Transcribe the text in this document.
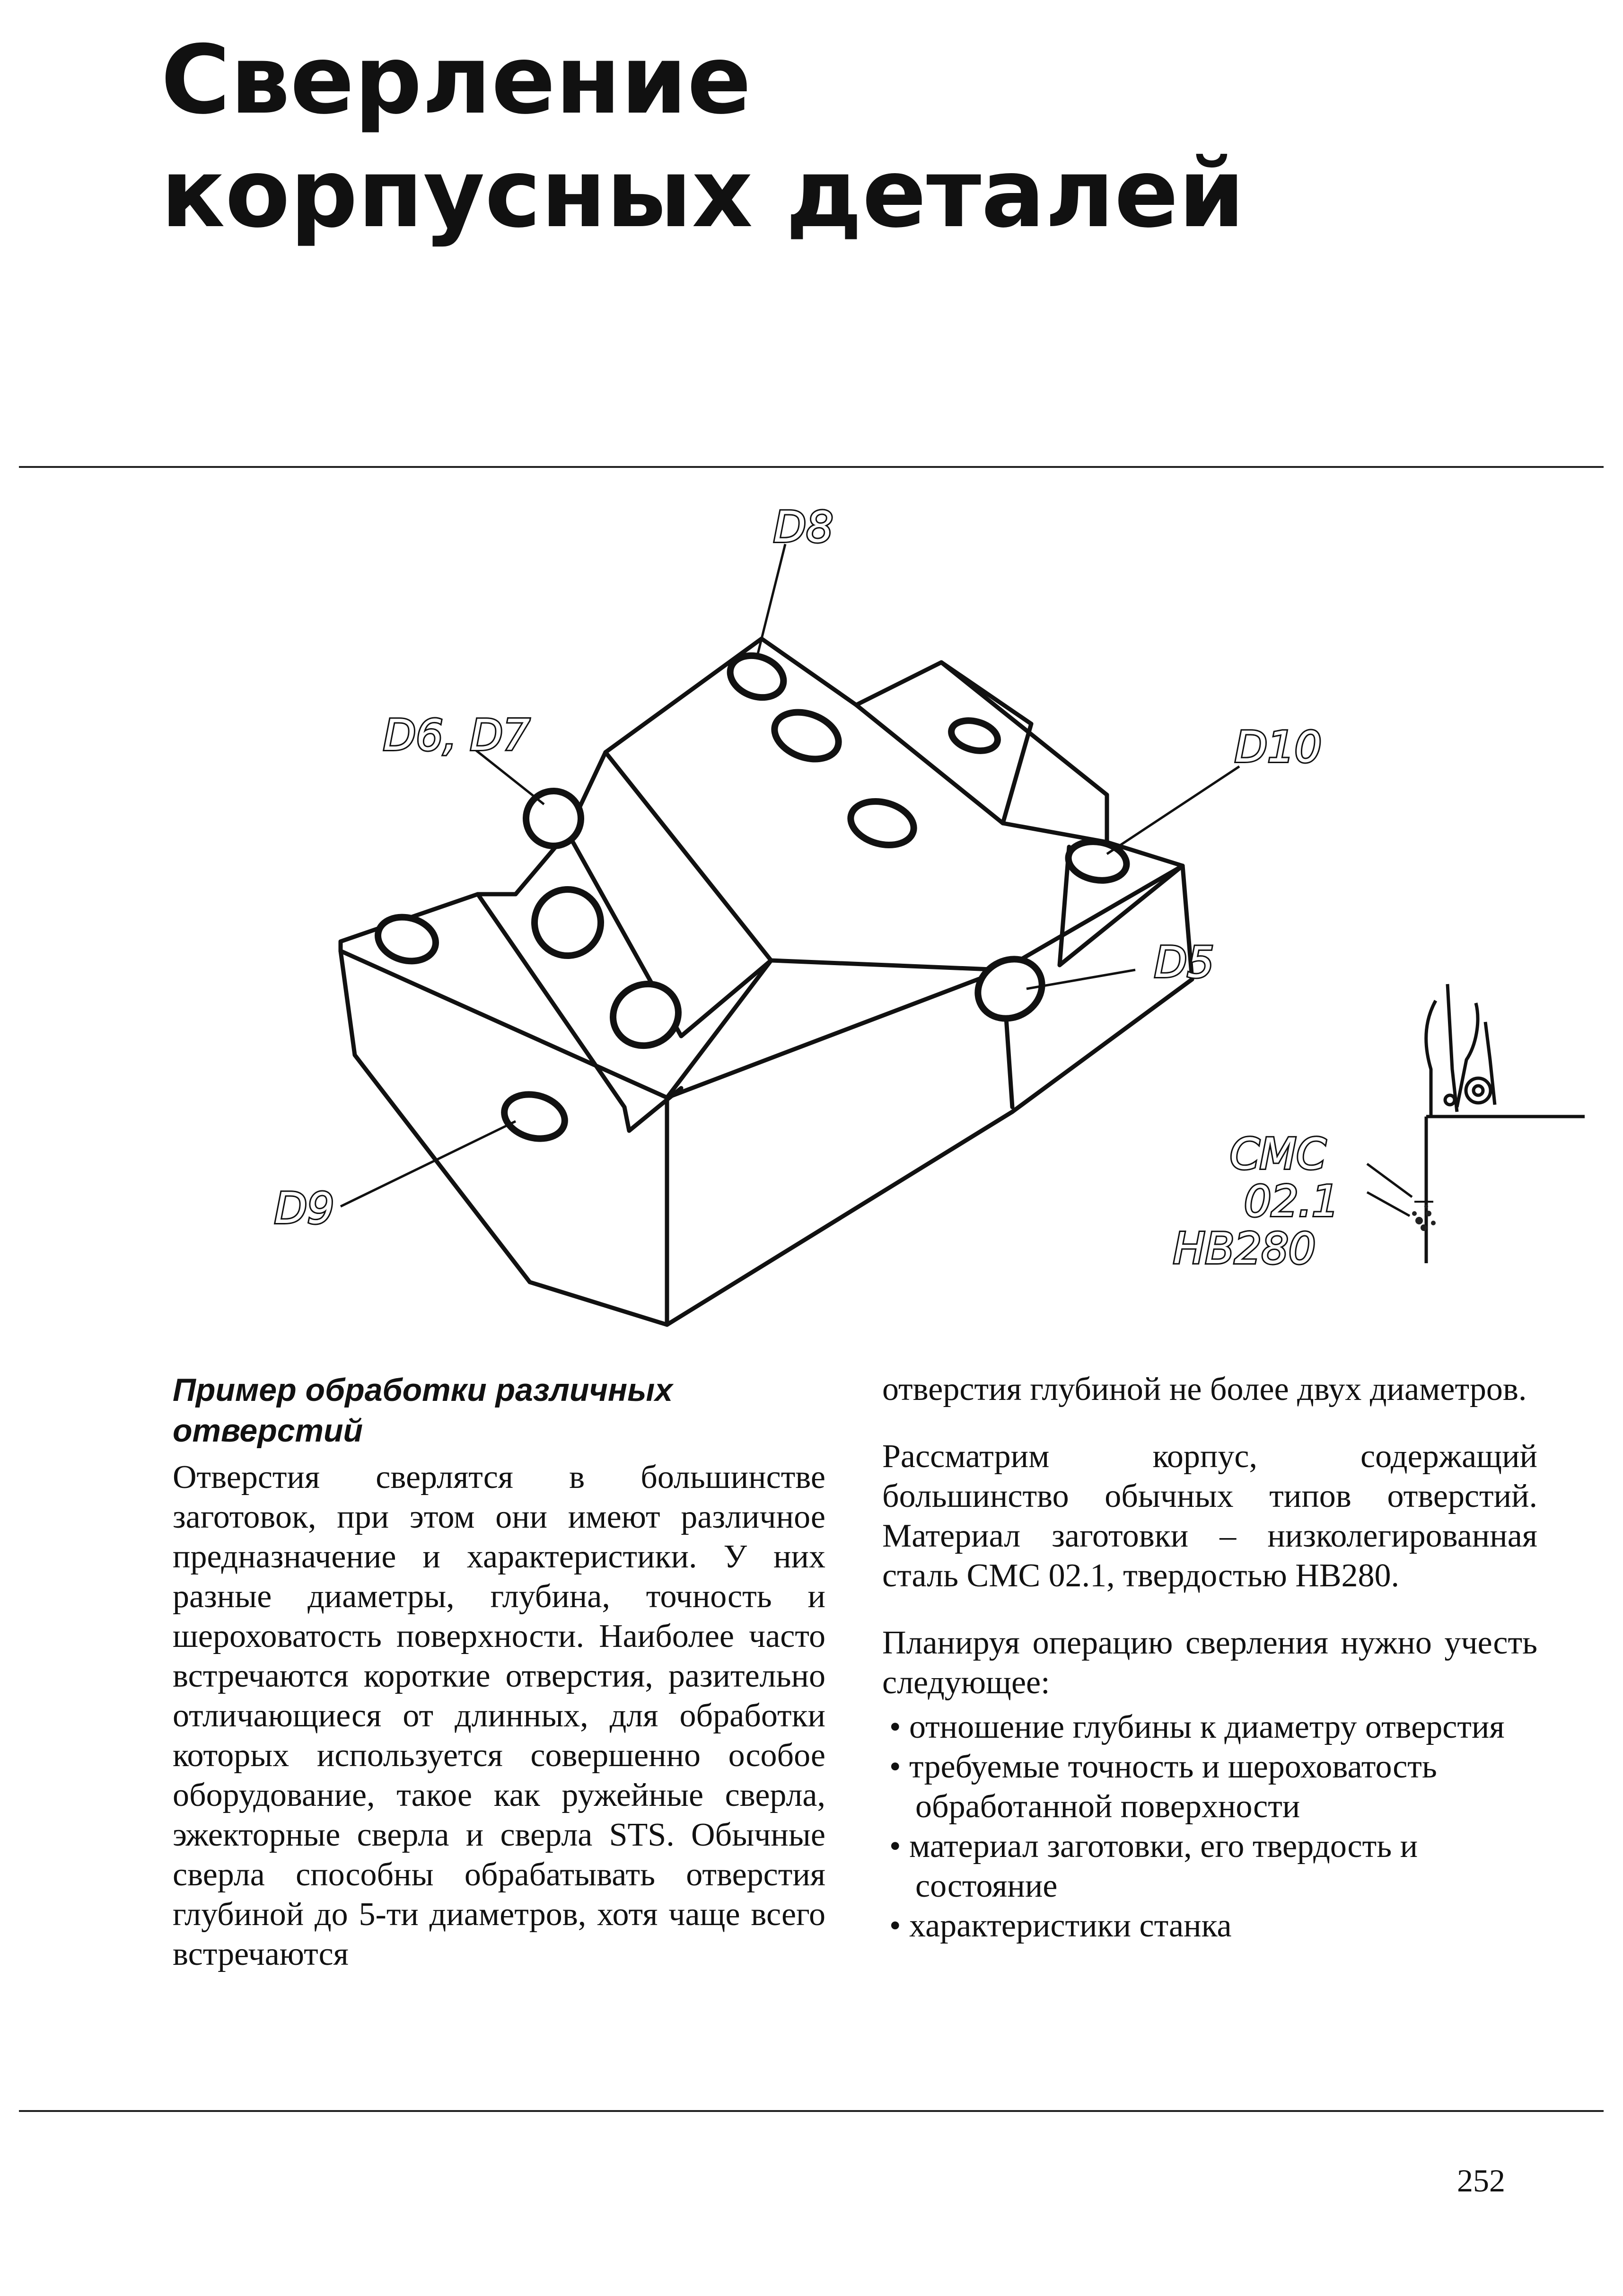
Сверление
корпусных деталей
D8
D6, D7	D10
D5
D9
CMC
02.1
HB280
Пример обработки различных отверстий

Отверстия сверлятся в большинстве заготовок, при этом они имеют различное предназначение и характеристики. У них разные диаметры, глубина, точность и шероховатость поверхности. Наиболее часто встречаются короткие отверстия, разительно отличающиеся от длинных, для обработки которых используется совершенно особое оборудование, такое как ружейные сверла, эжекторные сверла и сверла STS. Обычные сверла способны обрабатывать отверстия глубиной до 5-ти диаметров, хотя чаще всего встречаются

отверстия глубиной не более двух диаметров.

Рассматрим корпус, содержащий большинство обычных типов отверстий. Материал заготовки – низколегированная сталь CMC 02.1, твердостью HB280.

Планируя операцию сверления нужно учесть следующее:

• отношение глубины к диаметру отверстия
• требуемые точность и шероховатость обработанной поверхности
• материал заготовки, его твердость и состояние
• характеристики станка
252
